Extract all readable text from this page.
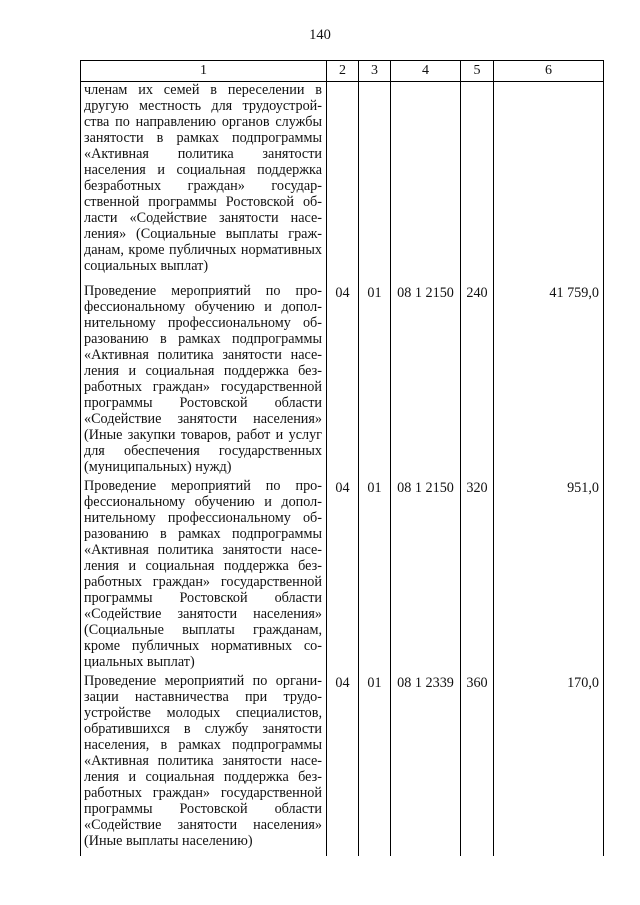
140
1	2	3	4	5	6
членам их семей в переселении в другую местность для трудоустройства по направлению органов службы занятости в рамках подпрограммы «Активная политика занятости населения и социальная поддержка безработных граждан» государственной программы Ростовской области «Содействие занятости населения» (Социальные выплаты гражданам, кроме публичных нормативных социальных выплат)					
Проведение мероприятий по профессиональному обучению и дополнительному профессиональному образованию в рамках подпрограммы «Активная политика занятости населения и социальная поддержка безработных граждан» государственной программы Ростовской области «Содействие занятости населения» (Иные закупки товаров, работ и услуг для обеспечения государственных (муниципальных) нужд)	04	01	08 1 2150	240	41 759,0
Проведение мероприятий по профессиональному обучению и дополнительному профессиональному образованию в рамках подпрограммы «Активная политика занятости населения и социальная поддержка безработных граждан» государственной программы Ростовской области «Содействие занятости населения» (Социальные выплаты гражданам, кроме публичных нормативных социальных выплат)	04	01	08 1 2150	320	951,0
Проведение мероприятий по организации наставничества при трудоустройстве молодых специалистов, обратившихся в службу занятости населения, в рамках подпрограммы «Активная политика занятости населения и социальная поддержка безработных граждан» государственной программы Ростовской области «Содействие занятости населения» (Иные выплаты населению)	04	01	08 1 2339	360	170,0
